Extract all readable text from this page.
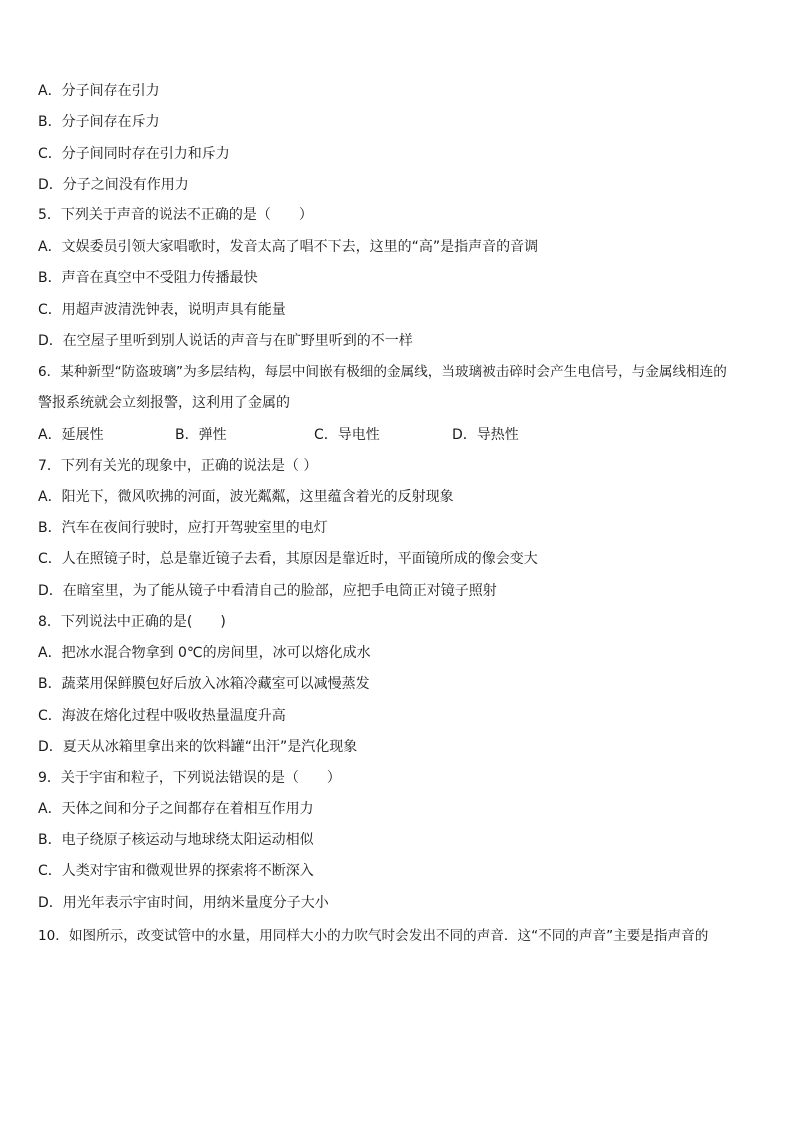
A．分子间存在引力
B．分子间存在斥力
C．分子间同时存在引力和斥力
D．分子之间没有作用力
5．下列关于声音的说法不正确的是（　　）
A．文娱委员引领大家唱歌时，发音太高了唱不下去，这里的“高”是指声音的音调
B．声音在真空中不受阻力传播最快
C．用超声波清洗钟表，说明声具有能量
D．在空屋子里听到别人说话的声音与在旷野里听到的不一样
6．某种新型“防盗玻璃”为多层结构，每层中间嵌有极细的金属线，当玻璃被击碎时会产生电信号，与金属线相连的
警报系统就会立刻报警，这利用了金属的
A．延展性	B．弹性	C．导电性	D．导热性
7．下列有关光的现象中，正确的说法是（ ）
A．阳光下，微风吹拂的河面，波光粼粼，这里蕴含着光的反射现象
B．汽车在夜间行驶时，应打开驾驶室里的电灯
C．人在照镜子时，总是靠近镜子去看，其原因是靠近时，平面镜所成的像会变大
D．在暗室里，为了能从镜子中看清自己的脸部，应把手电筒正对镜子照射
8．下列说法中正确的是(　　)
A．把冰水混合物拿到 0℃的房间里，冰可以熔化成水
B．蔬菜用保鲜膜包好后放入冰箱冷藏室可以减慢蒸发
C．海波在熔化过程中吸收热量温度升高
D．夏天从冰箱里拿出来的饮料罐“出汗”是汽化现象
9．关于宇宙和粒子，下列说法错误的是（　　）
A．天体之间和分子之间都存在着相互作用力
B．电子绕原子核运动与地球绕太阳运动相似
C．人类对宇宙和微观世界的探索将不断深入
D．用光年表示宇宙时间，用纳米量度分子大小
10．如图所示，改变试管中的水量，用同样大小的力吹气时会发出不同的声音．这“不同的声音”主要是指声音的
